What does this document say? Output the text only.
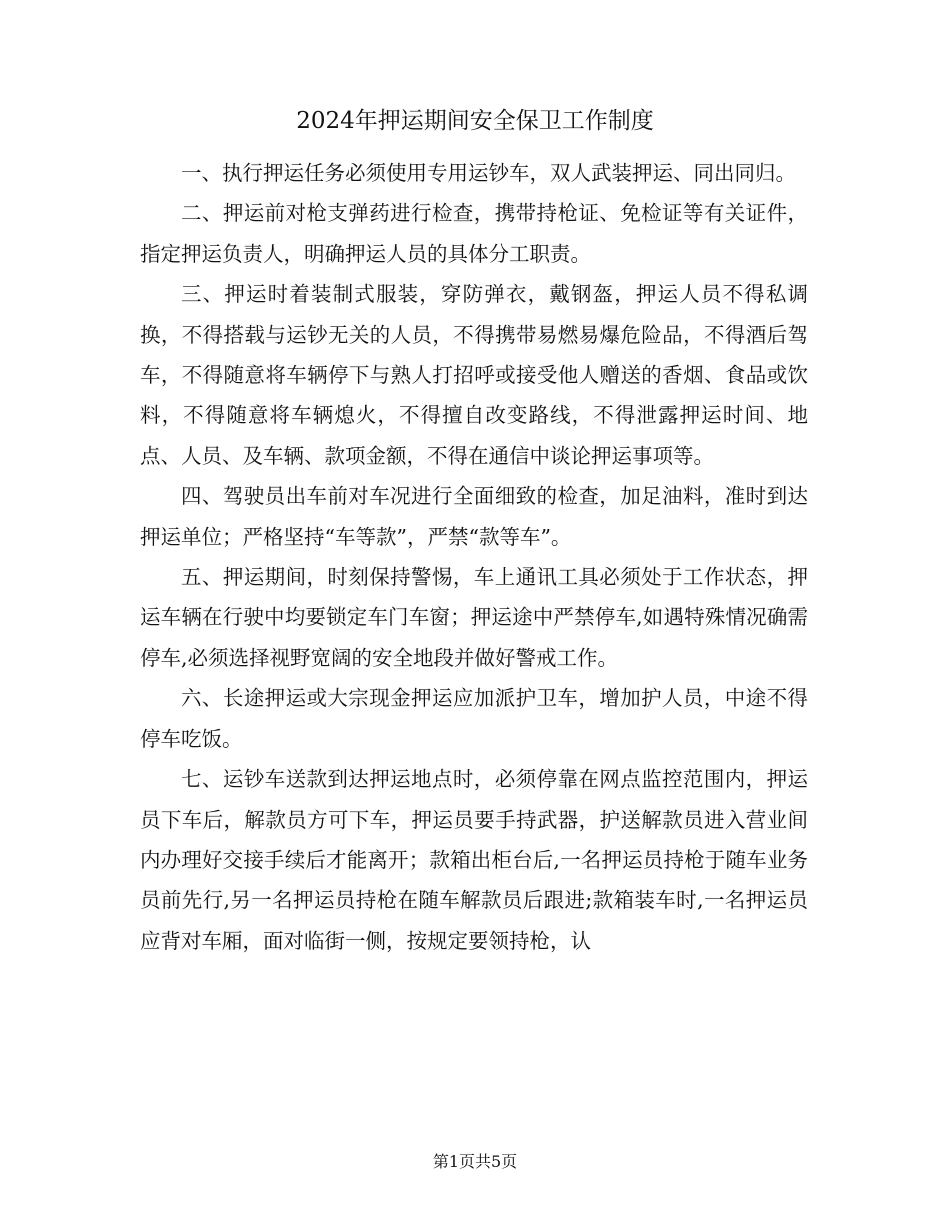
2024年押运期间安全保卫工作制度

一、执行押运任务必须使用专用运钞车，双人武装押运、同出同归。

二、押运前对枪支弹药进行检查，携带持枪证、免检证等有关证件，指定押运负责人，明确押运人员的具体分工职责。

三、押运时着装制式服装，穿防弹衣，戴钢盔，押运人员不得私调换，不得搭载与运钞无关的人员，不得携带易燃易爆危险品，不得酒后驾车，不得随意将车辆停下与熟人打招呼或接受他人赠送的香烟、食品或饮料，不得随意将车辆熄火，不得擅自改变路线，不得泄露押运时间、地点、人员、及车辆、款项金额，不得在通信中谈论押运事项等。

四、驾驶员出车前对车况进行全面细致的检查，加足油料，准时到达押运单位；严格坚持“车等款”，严禁“款等车”。

五、押运期间，时刻保持警惕，车上通讯工具必须处于工作状态，押运车辆在行驶中均要锁定车门车窗；押运途中严禁停车,如遇特殊情况确需停车,必须选择视野宽阔的安全地段并做好警戒工作。

六、长途押运或大宗现金押运应加派护卫车，增加护人员，中途不得停车吃饭。

七、运钞车送款到达押运地点时，必须停靠在网点监控范围内，押运员下车后，解款员方可下车，押运员要手持武器，护送解款员进入营业间内办理好交接手续后才能离开；款箱出柜台后,一名押运员持枪于随车业务员前先行,另一名押运员持枪在随车解款员后跟进;款箱装车时,一名押运员应背对车厢，面对临街一侧，按规定要领持枪，认

第1页共5页
